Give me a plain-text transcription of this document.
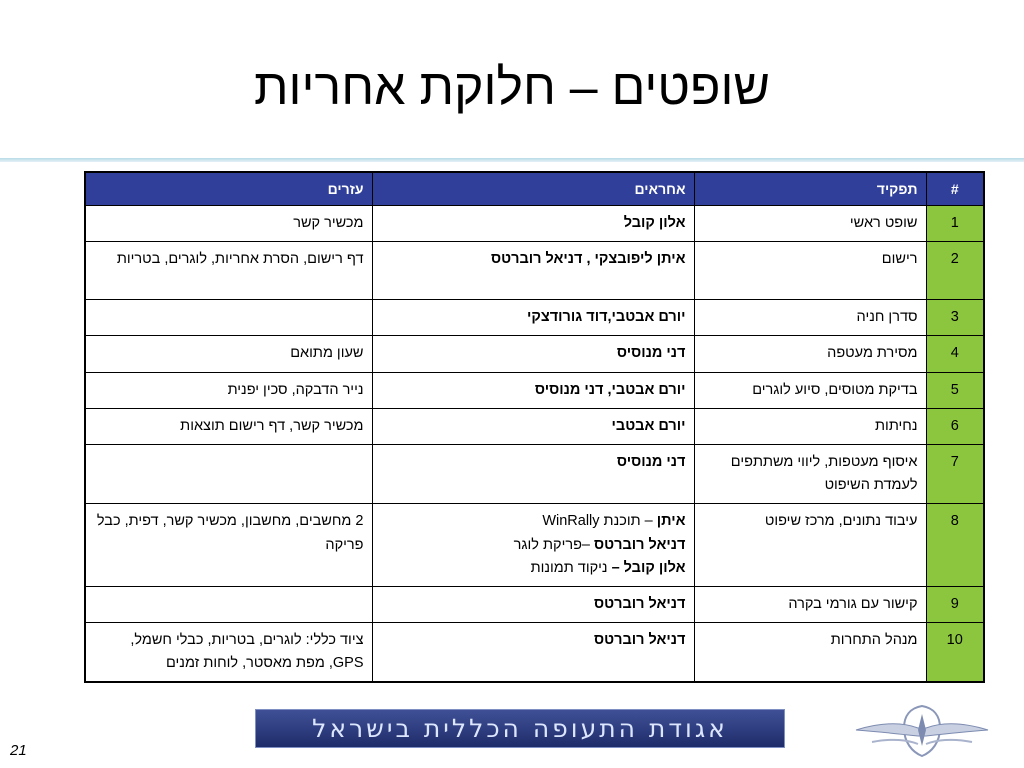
שופטים – חלוקת אחריות
#	תפקיד	אחראים	עזרים
1	שופט ראשי	אלון קובל	מכשיר קשר
2	רישום	איתן ליפובצקי , דניאל רוברטס	דף רישום, הסרת אחריות, לוגרים, בטריות
3	סדרן חניה	יורם אבטבי,דוד גורודצקי	
4	מסירת מעטפה	דני מנוסיס	שעון מתואם
5	בדיקת מטוסים, סיוע לוגרים	יורם אבטבי, דני מנוסיס	נייר הדבקה, סכין יפנית
6	נחיתות	יורם אבטבי	מכשיר קשר, דף רישום תוצאות
7	איסוף מעטפות, ליווי משתתפים לעמדת השיפוט	דני מנוסיס	
8	עיבוד נתונים, מרכז שיפוט	איתן – תוכנת WinRally
דניאל רוברטס –פריקת לוגר
אלון קובל – ניקוד תמונות	2 מחשבים, מחשבון, מכשיר קשר, דפית, כבל פריקה
9	קישור עם גורמי בקרה	דניאל רוברטס	
10	מנהל התחרות	דניאל רוברטס	ציוד כללי: לוגרים, בטריות, כבלי חשמל, GPS, מפת מאסטר, לוחות זמנים
אגודת התעופה הכללית בישראל
21
